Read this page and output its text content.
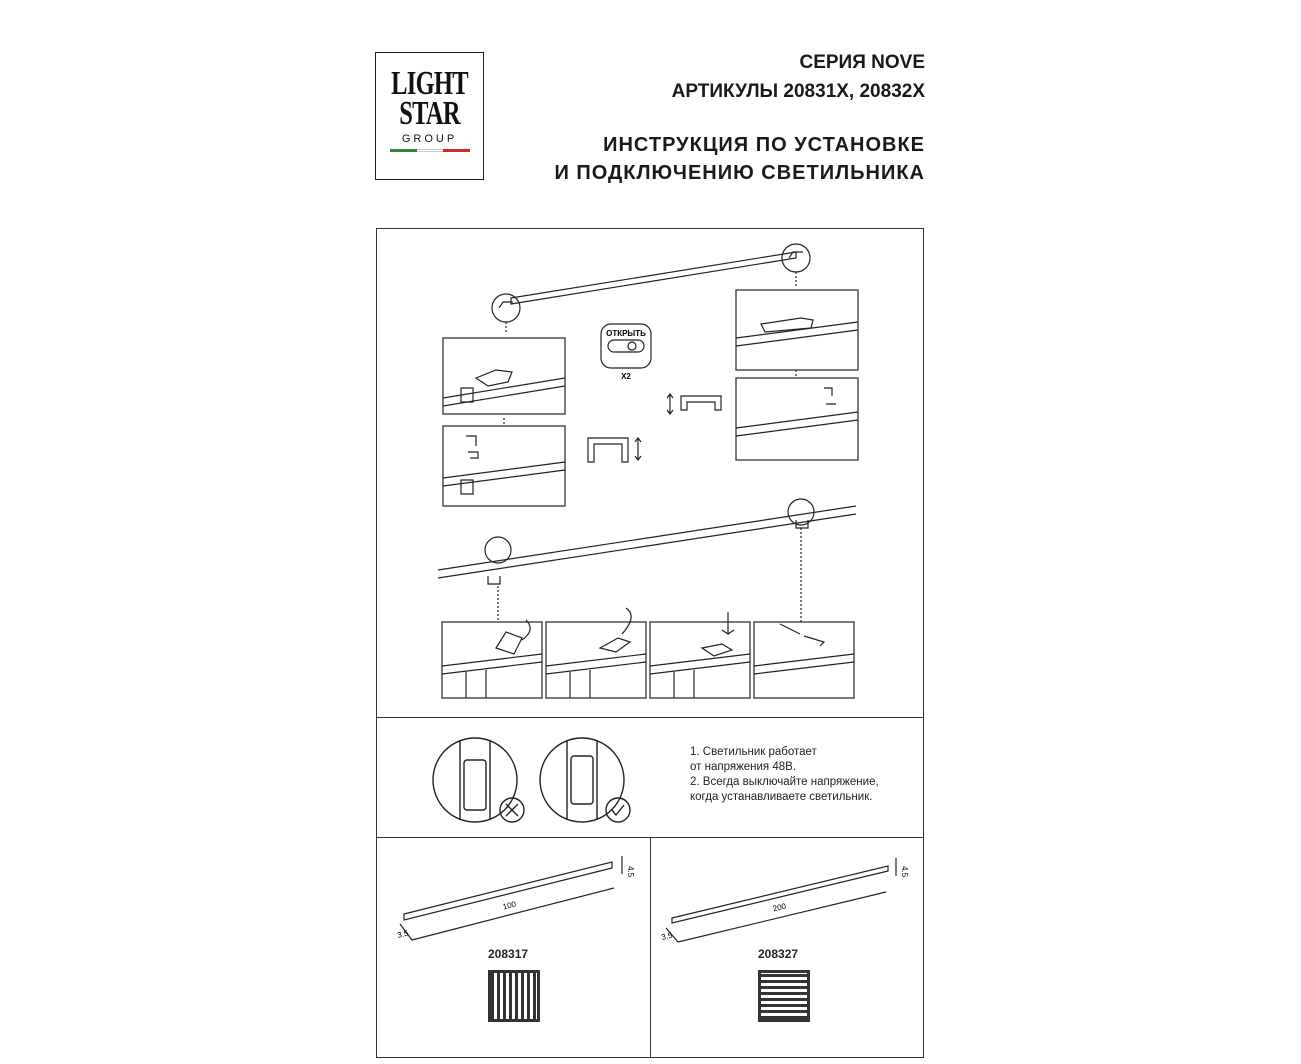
LIGHT
STAR
GROUP
СЕРИЯ NOVE
АРТИКУЛЫ 20831X, 20832X
ИНСТРУКЦИЯ ПО УСТАНОВКЕ
И ПОДКЛЮЧЕНИЮ СВЕТИЛЬНИКА
ОТКРЫТЬ
X2
1. Светильник работает
от напряжения 48В.
2. Всегда выключайте напряжение,
когда устанавливаете светильник.
100
3.5
4.5
208317
200
3.5
4.5
208327
